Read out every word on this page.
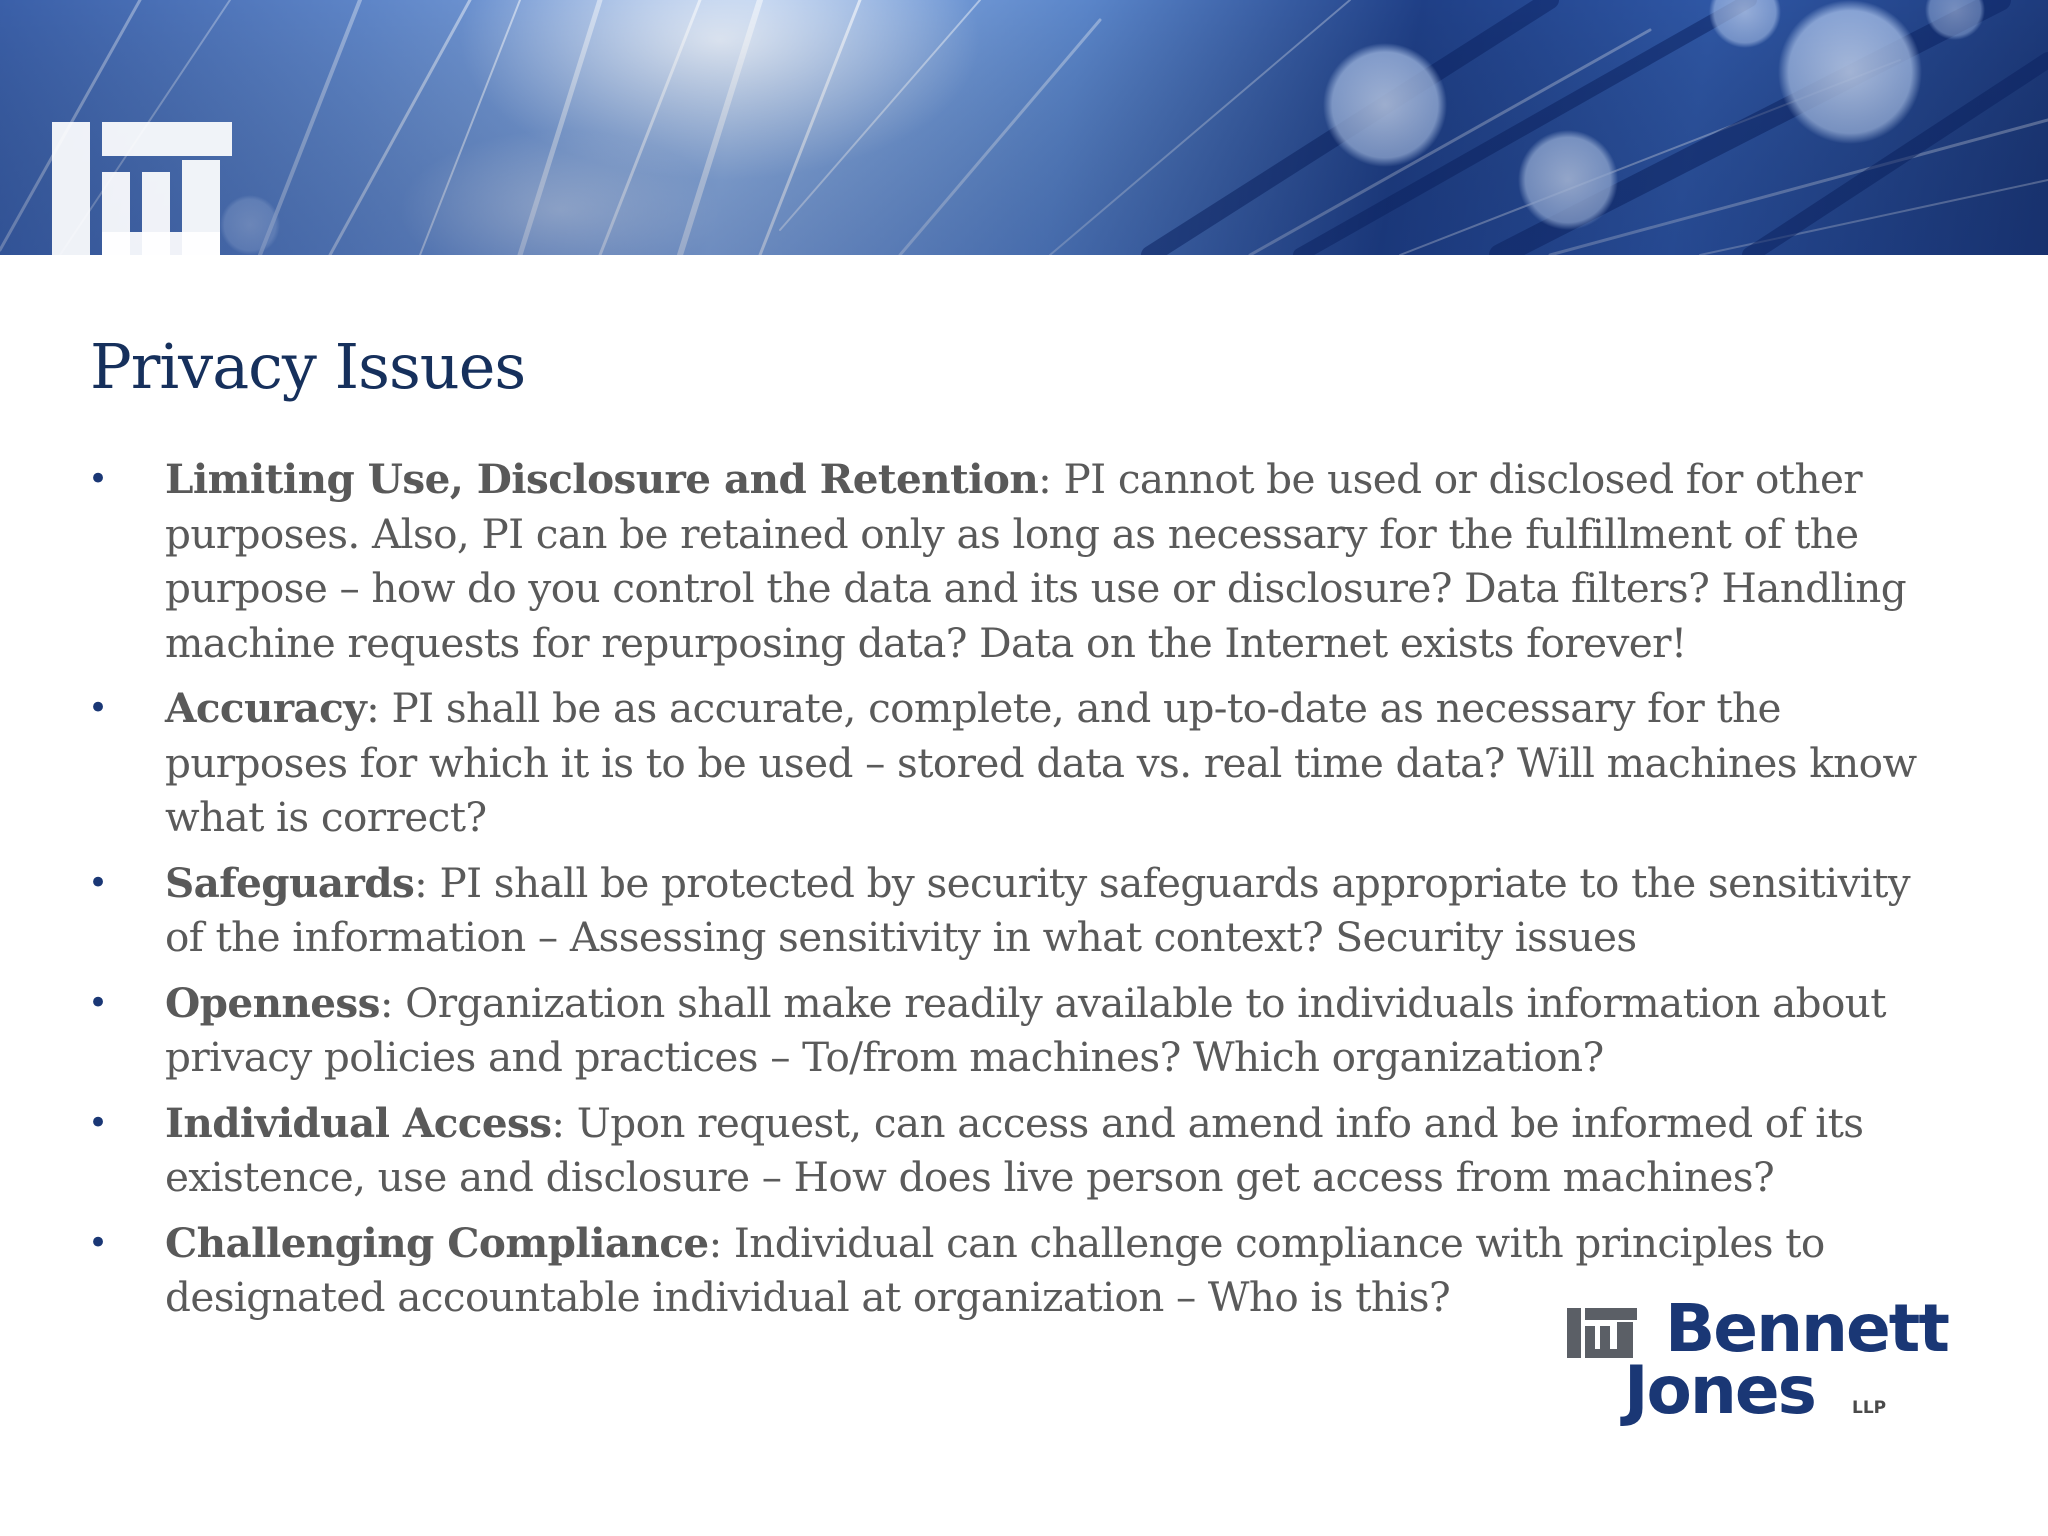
Privacy Issues
• Limiting Use, Disclosure and Retention: PI cannot be used or disclosed for other purposes. Also, PI can be retained only as long as necessary for the fulfillment of the purpose – how do you control the data and its use or disclosure? Data filters? Handling machine requests for repurposing data? Data on the Internet exists forever!
• Accuracy: PI shall be as accurate, complete, and up-to-date as necessary for the purposes for which it is to be used – stored data vs. real time data? Will machines know what is correct?
• Safeguards: PI shall be protected by security safeguards appropriate to the sensitivity of the information – Assessing sensitivity in what context? Security issues
• Openness: Organization shall make readily available to individuals information about privacy policies and practices – To/from machines? Which organization?
• Individual Access: Upon request, can access and amend info and be informed of its existence, use and disclosure – How does live person get access from machines?
• Challenging Compliance: Individual can challenge compliance with principles to designated accountable individual at organization – Who is this?	Bennett
Jones LLP
